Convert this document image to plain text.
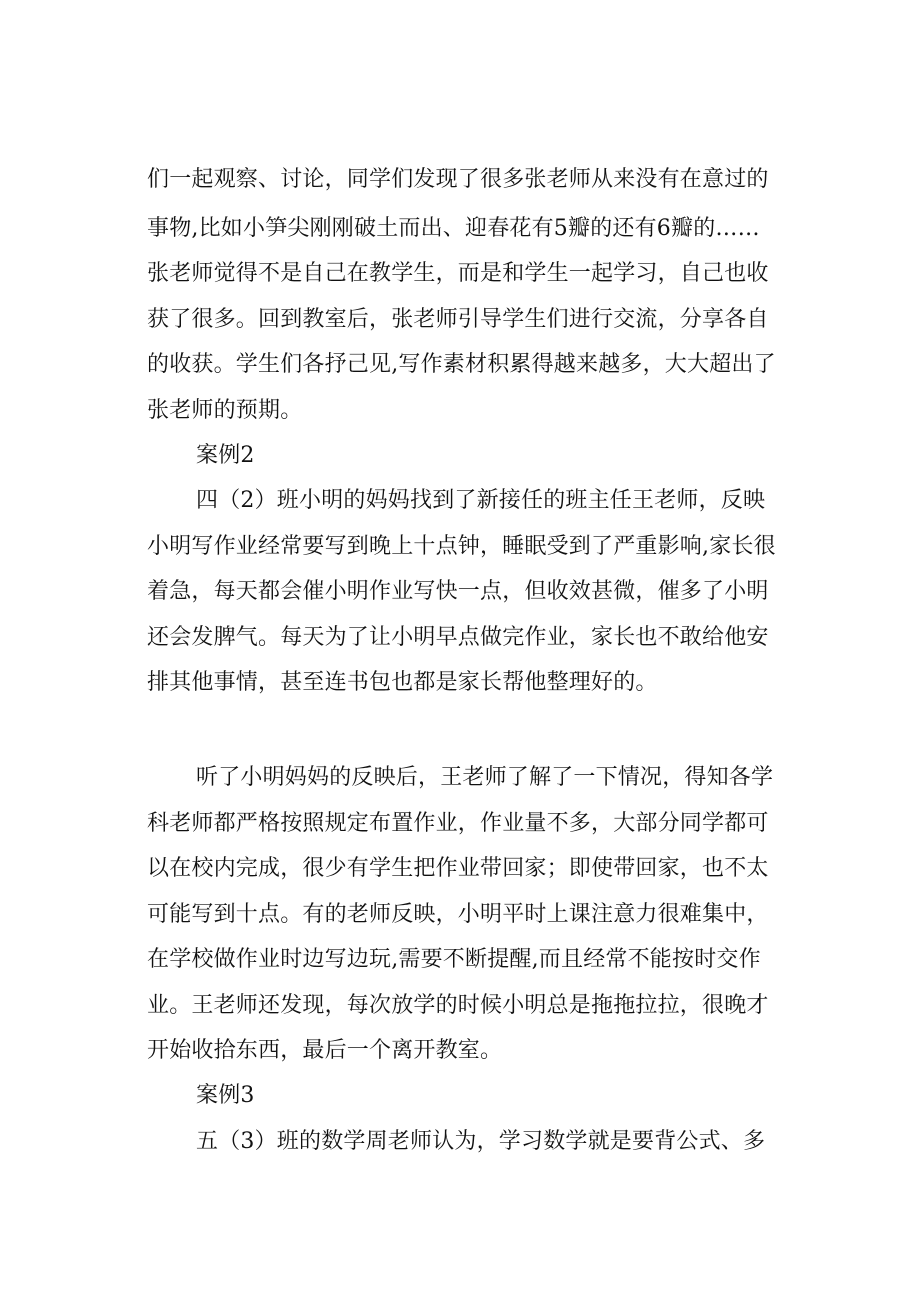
们一起观察、讨论，同学们发现了很多张老师从来没有在意过的
事物,比如小笋尖刚刚破土而出、迎春花有5瓣的还有6瓣的……
张老师觉得不是自己在教学生，而是和学生一起学习，自己也收
获了很多。回到教室后，张老师引导学生们进行交流，分享各自
的收获。学生们各抒己见,写作素材积累得越来越多，大大超出了
张老师的预期。
案例2
四（2）班小明的妈妈找到了新接任的班主任王老师，反映
小明写作业经常要写到晚上十点钟，睡眠受到了严重影响,家长很
着急，每天都会催小明作业写快一点，但收效甚微，催多了小明
还会发脾气。每天为了让小明早点做完作业，家长也不敢给他安
排其他事情，甚至连书包也都是家长帮他整理好的。
听了小明妈妈的反映后，王老师了解了一下情况，得知各学
科老师都严格按照规定布置作业，作业量不多，大部分同学都可
以在校内完成，很少有学生把作业带回家；即使带回家，也不太
可能写到十点。有的老师反映，小明平时上课注意力很难集中，
在学校做作业时边写边玩,需要不断提醒,而且经常不能按时交作
业。王老师还发现，每次放学的时候小明总是拖拖拉拉，很晚才
开始收拾东西，最后一个离开教室。
案例3
五（3）班的数学周老师认为，学习数学就是要背公式、多
